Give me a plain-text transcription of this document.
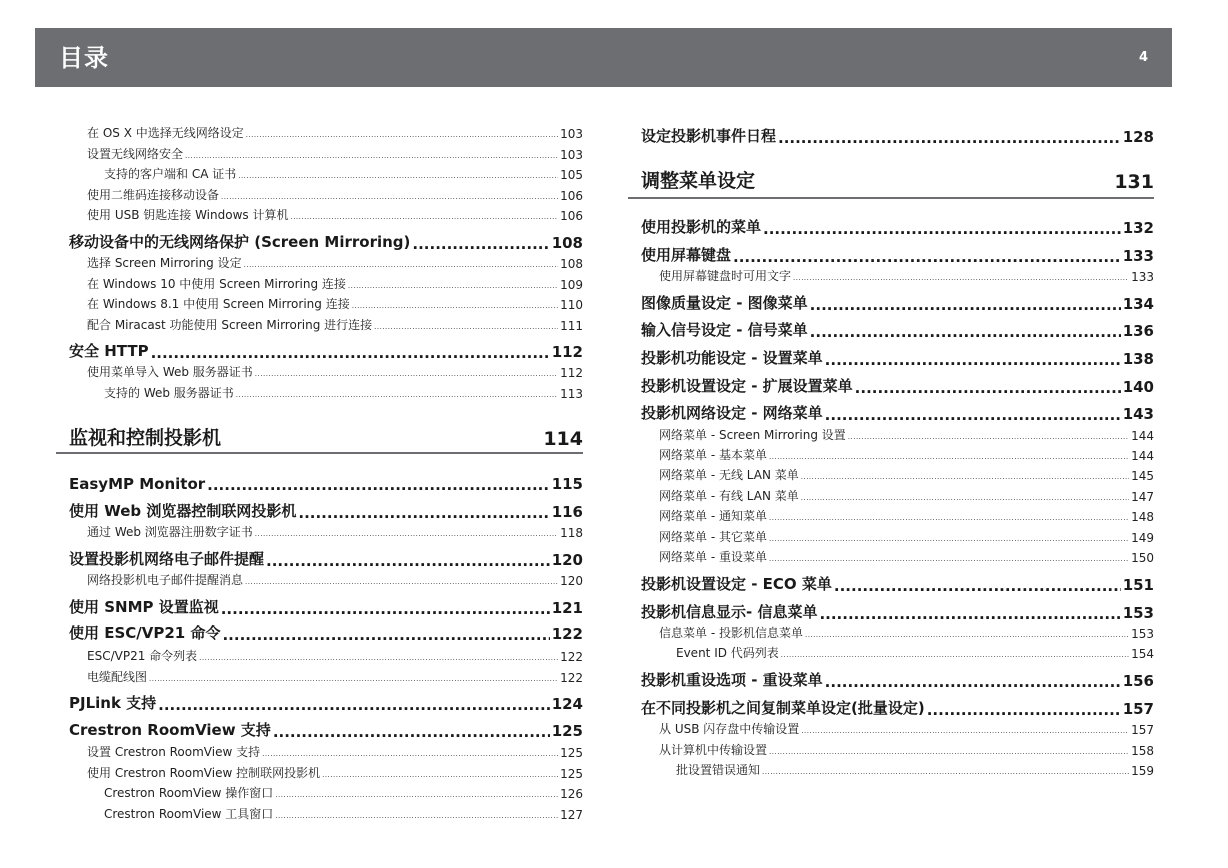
目录	4
在 OS X 中选择无线网络设定 .....	103
设置无线网络安全 .....	103
支持的客户端和 CA 证书 .....	105
使用二维码连接移动设备 .....	106
使用 USB 钥匙连接 Windows 计算机 .....	106
移动设备中的无线网络保护 (Screen Mirroring) .....	108
选择 Screen Mirroring 设定 .....	108
在 Windows 10 中使用 Screen Mirroring 连接 .....	109
在 Windows 8.1 中使用 Screen Mirroring 连接 .....	110
配合 Miracast 功能使用 Screen Mirroring 进行连接 .....	111
安全 HTTP .....	112
使用菜单导入 Web 服务器证书 .....	112
支持的 Web 服务器证书 .....	113
监视和控制投影机	114
EasyMP Monitor .....	115
使用 Web 浏览器控制联网投影机 .....	116
通过 Web 浏览器注册数字证书 .....	118
设置投影机网络电子邮件提醒 .....	120
网络投影机电子邮件提醒消息 .....	120
使用 SNMP 设置监视 .....	121
使用 ESC/VP21 命令 .....	122
ESC/VP21 命令列表 .....	122
电缆配线图 .....	122
PJLink 支持 .....	124
Crestron RoomView 支持 .....	125
设置 Crestron RoomView 支持 .....	125
使用 Crestron RoomView 控制联网投影机 .....	125
Crestron RoomView 操作窗口 .....	126
Crestron RoomView 工具窗口 .....	127
设定投影机事件日程 .....	128
调整菜单设定	131
使用投影机的菜单 .....	132
使用屏幕键盘 .....	133
使用屏幕键盘时可用文字 .....	133
图像质量设定 - 图像菜单 .....	134
输入信号设定 - 信号菜单 .....	136
投影机功能设定 - 设置菜单 .....	138
投影机设置设定 - 扩展设置菜单 .....	140
投影机网络设定 - 网络菜单 .....	143
网络菜单 - Screen Mirroring 设置 .....	144
网络菜单 - 基本菜单 .....	144
网络菜单 - 无线 LAN 菜单 .....	145
网络菜单 - 有线 LAN 菜单 .....	147
网络菜单 - 通知菜单 .....	148
网络菜单 - 其它菜单 .....	149
网络菜单 - 重设菜单 .....	150
投影机设置设定 - ECO 菜单 .....	151
投影机信息显示- 信息菜单 .....	153
信息菜单 - 投影机信息菜单 .....	153
Event ID 代码列表 .....	154
投影机重设选项 - 重设菜单 .....	156
在不同投影机之间复制菜单设定(批量设定) .....	157
从 USB 闪存盘中传输设置 .....	157
从计算机中传输设置 .....	158
批设置错误通知 .....	159
